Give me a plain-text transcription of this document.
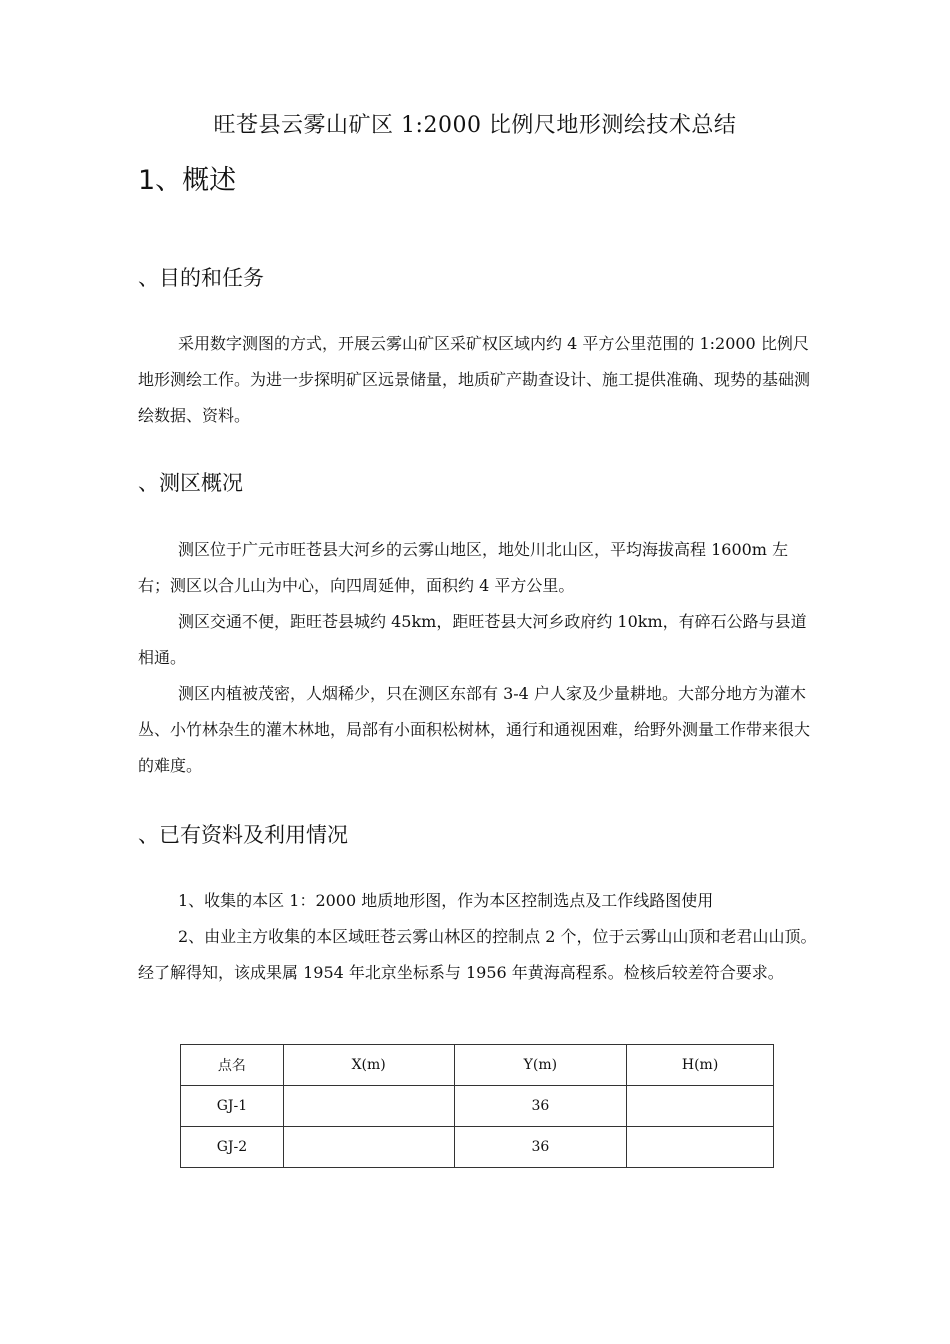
旺苍县云雾山矿区 1:2000 比例尺地形测绘技术总结
1、概述
、目的和任务

采用数字测图的方式，开展云雾山矿区采矿权区域内约 4 平方公里范围的 1:2000 比例尺地形测绘工作。为进一步探明矿区远景储量，地质矿产勘查设计、施工提供准确、现势的基础测绘数据、资料。

、测区概况

测区位于广元市旺苍县大河乡的云雾山地区，地处川北山区，平均海拔高程 1600m 左右；测区以合儿山为中心，向四周延伸，面积约 4 平方公里。

测区交通不便，距旺苍县城约 45km，距旺苍县大河乡政府约 10km，有碎石公路与县道相通。

测区内植被茂密，人烟稀少，只在测区东部有 3-4 户人家及少量耕地。大部分地方为灌木丛、小竹林杂生的灌木林地，局部有小面积松树林，通行和通视困难，给野外测量工作带来很大的难度。

、已有资料及利用情况

1、收集的本区 1：2000 地质地形图，作为本区控制选点及工作线路图使用

2、由业主方收集的本区域旺苍云雾山林区的控制点 2 个，位于云雾山山顶和老君山山顶。经了解得知，该成果属 1954 年北京坐标系与 1956 年黄海高程系。检核后较差符合要求。

点名	X(m)	Y(m)	H(m)
GJ-1		36	
GJ-2		36	
